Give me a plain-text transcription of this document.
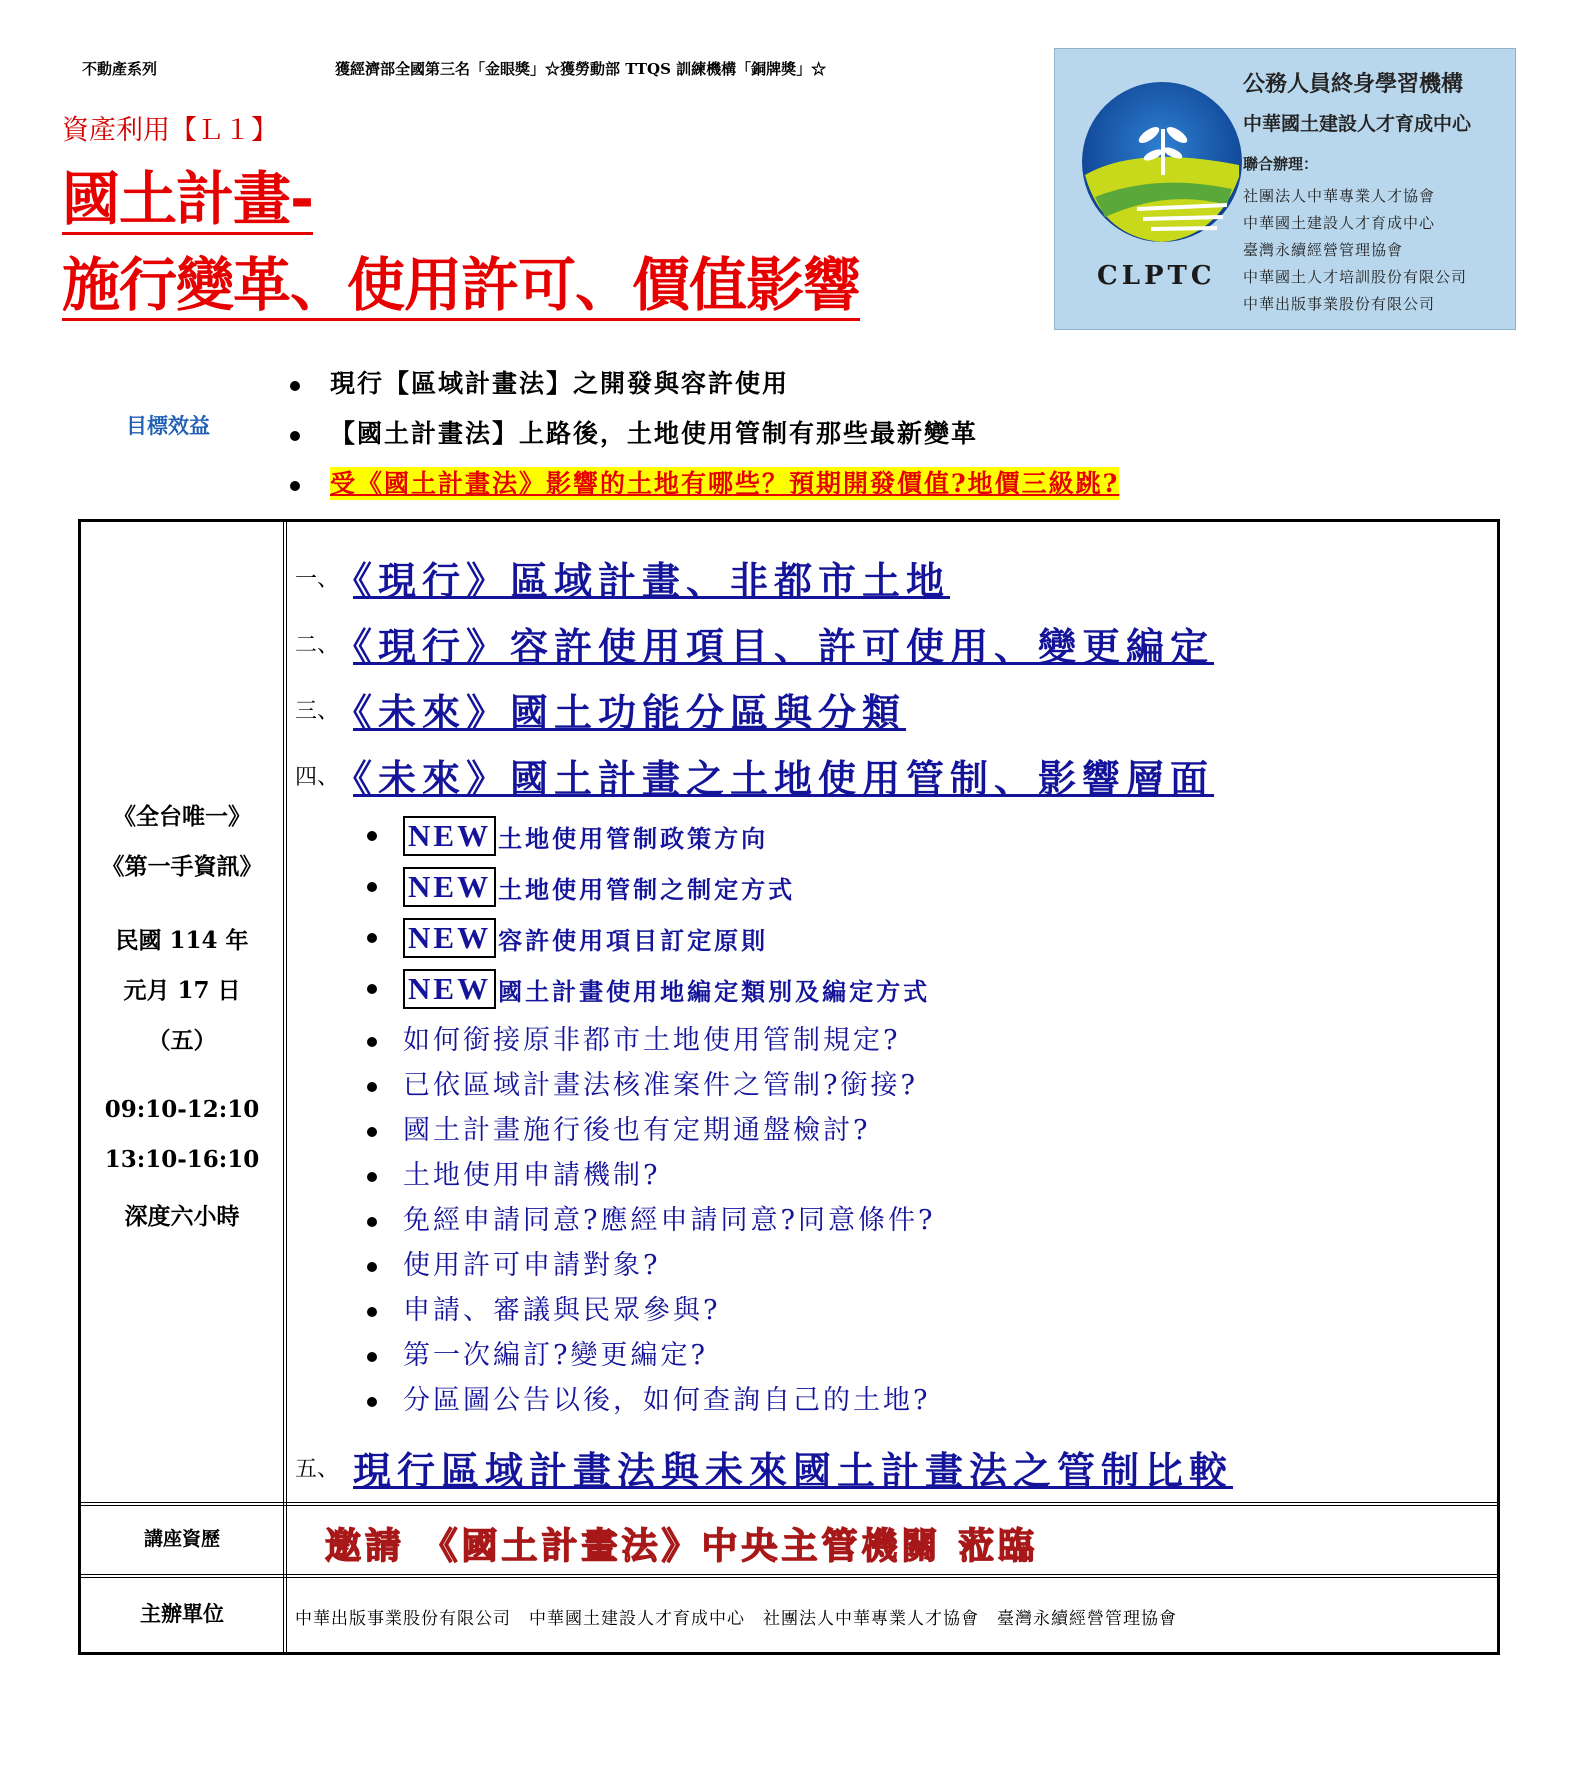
不動產系列	獲經濟部全國第三名「金眼獎」☆獲勞動部 TTQS 訓練機構「銅牌獎」☆
資產利用【Ｌ１】
國土計畫-
施行變革、使用許可、價值影響	CLPTC
公務人員終身學習機構
中華國土建設人才育成中心
聯合辦理：
社團法人中華專業人才協會
中華國土建設人才育成中心
臺灣永續經營管理協會
中華國土人才培訓股份有限公司
中華出版事業股份有限公司
目標效益
現行【區域計畫法】之開發與容許使用
【國土計畫法】上路後，土地使用管制有那些最新變革
受《國土計畫法》影響的土地有哪些？預期開發價值?地價三級跳?
《全台唯一》
《第一手資訊》
民國 114 年
元月 17 日
（五）
09:10-12:10
13:10-16:10
深度六小時
一、 《現行》區域計畫、非都市土地
二、 《現行》容許使用項目、許可使用、變更編定
三、 《未來》國土功能分區與分類
四、 《未來》國土計畫之土地使用管制、影響層面
NEW 土地使用管制政策方向
NEW 土地使用管制之制定方式
NEW 容許使用項目訂定原則
NEW 國土計畫使用地編定類別及編定方式
如何銜接原非都市土地使用管制規定?
已依區域計畫法核准案件之管制?銜接?
國土計畫施行後也有定期通盤檢討?
土地使用申請機制?
免經申請同意?應經申請同意?同意條件?
使用許可申請對象?
申請、審議與民眾參與?
第一次編訂?變更編定?
分區圖公告以後，如何查詢自己的土地?
五、 現行區域計畫法與未來國土計畫法之管制比較
講座資歷	邀請 《國土計畫法》中央主管機關 蒞臨
主辦單位	中華出版事業股份有限公司　中華國土建設人才育成中心　社團法人中華專業人才協會　臺灣永續經營管理協會
